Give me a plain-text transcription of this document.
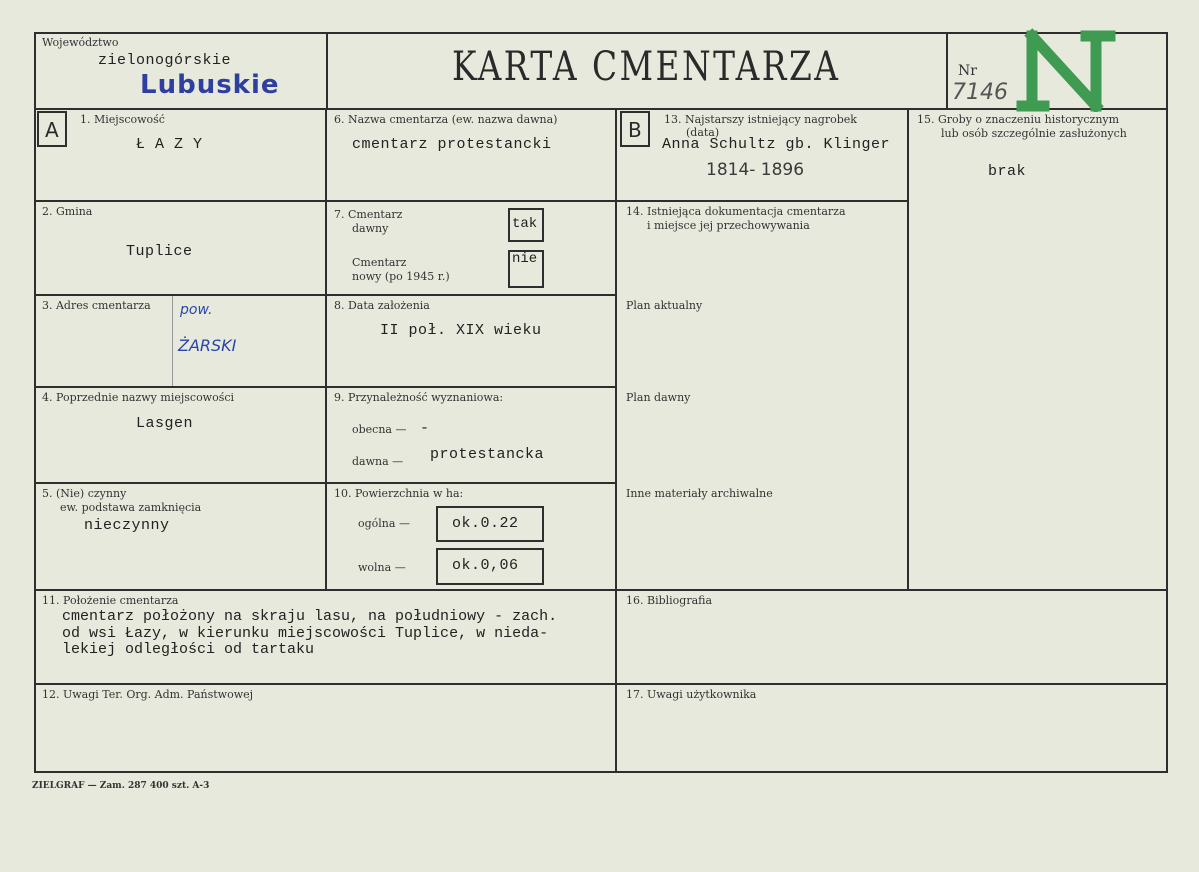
Województwo
zielonogórskie
Lubuskie	KARTA CMENTARZA	Nr
7146
A 1. Miejscowość
Ł A Z Y
2. Gmina
Tuplice
3. Adres cmentarza pow.
ŻARSKI
4. Poprzednie nazwy miejscowości
Lasgen
5. (Nie) czynny
ew. podstawa zamknięcia
nieczynny
6. Nazwa cmentarza (ew. nazwa dawna)
cmentarz protestancki
7. Cmentarz
dawny	tak
Cmentarz
nowy (po 1945 r.)
nie
8. Data założenia
II poł. XIX wieku
9. Przynależność wyznaniowa:
obecna — -
dawna — protestancka
10. Powierzchnia w ha:
ogólna —	ok.0.22
wolna —	ok.0,06
B 13. Najstarszy istniejący nagrobek
(data)
Anna Schultz gb. Klinger
1814- 1896
14. Istniejąca dokumentacja cmentarza
i miejsce jej przechowywania
Plan aktualny
Plan dawny
Inne materiały archiwalne
15. Groby o znaczeniu historycznym
lub osób szczególnie zasłużonych
brak
11. Położenie cmentarza
cmentarz położony na skraju lasu, na południowy - zach.
od wsi Łazy, w kierunku miejscowości Tuplice, w nieda-
lekiej odległości od tartaku
16. Bibliografia
12. Uwagi Ter. Org. Adm. Państwowej	17. Uwagi użytkownika
ZIELGRAF — Zam. 287 400 szt. A-3
